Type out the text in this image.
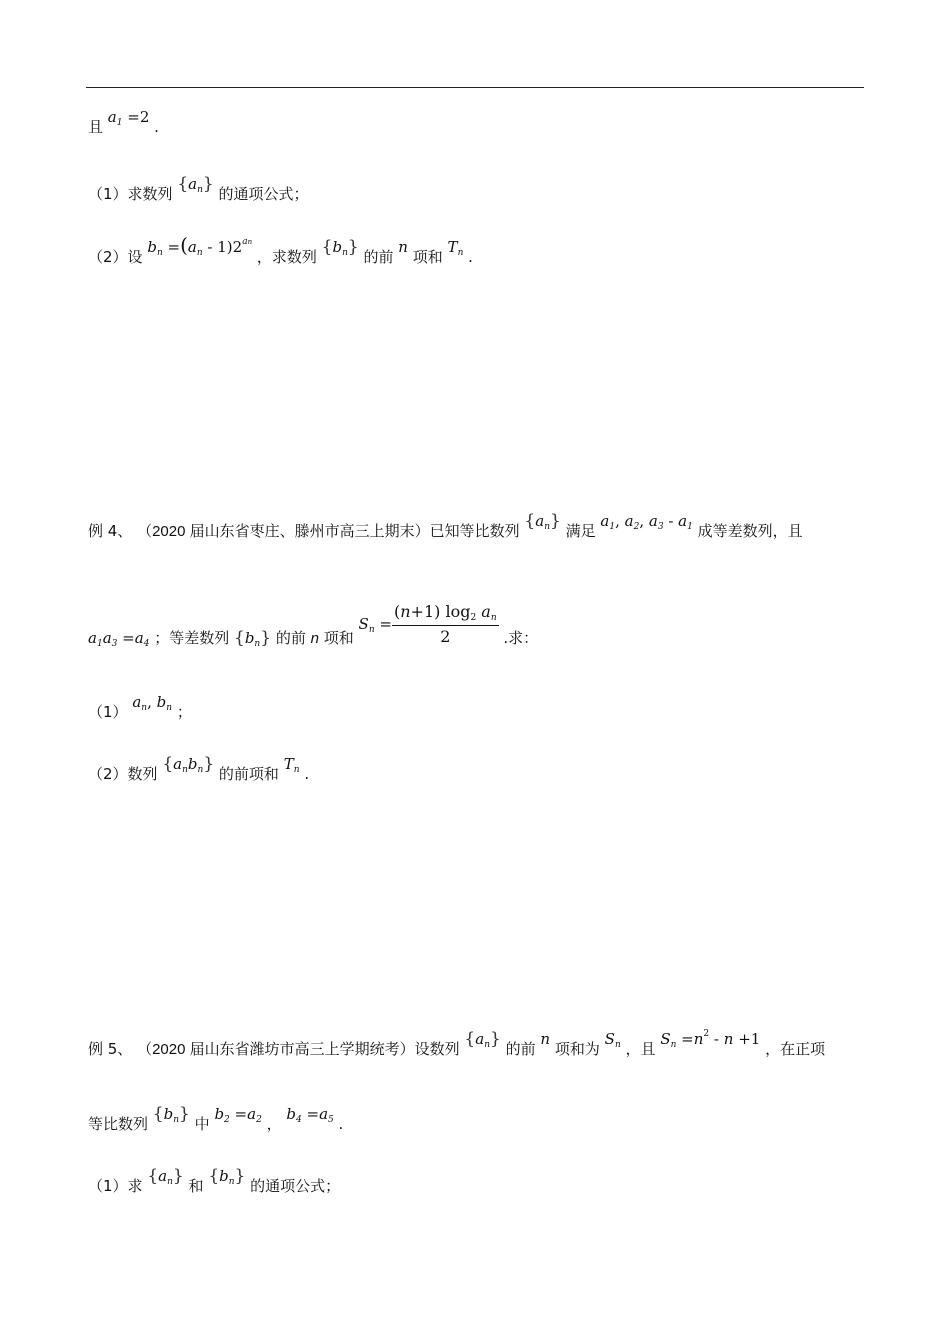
且 $a_1 =2$ .
（1）求数列 $\{a_n\}$ 的通项公式；
（2）设 $b_n =(a_n - 1)2^{an}$ ，求数列 $\{b_n\}$ 的前 n 项和 $T_n$ .
例 4、 （2020 届山东省枣庄、滕州市高三上期末）已知等比数列 $\{a_n\}$ 满足 $a_1$, $a_2$, $a_3 - a_1$ 成等差数列，且
$a_1a_3 =a_4$ ；等差数列 $\{b_n\}$ 的前 n 项和 $S_n = \frac{(n+1) \log_2 a_n}{2}$ .求：
（1） $a_n$, $b_n$ ；
（2）数列 $\{a_nb_n\}$ 的前项和 $T_n$ .
例 5、 （2020 届山东省潍坊市高三上学期统考）设数列 $\{a_n\}$ 的前 n 项和为 $S_n$ ，且 $S_n =n^2 - n +1$ ，在正项
等比数列 $\{b_n\}$ 中 $b_2 =a_2$ ， $b_4 =a_5$ .
（1）求 $\{a_n\}$ 和 $\{b_n\}$ 的通项公式；
